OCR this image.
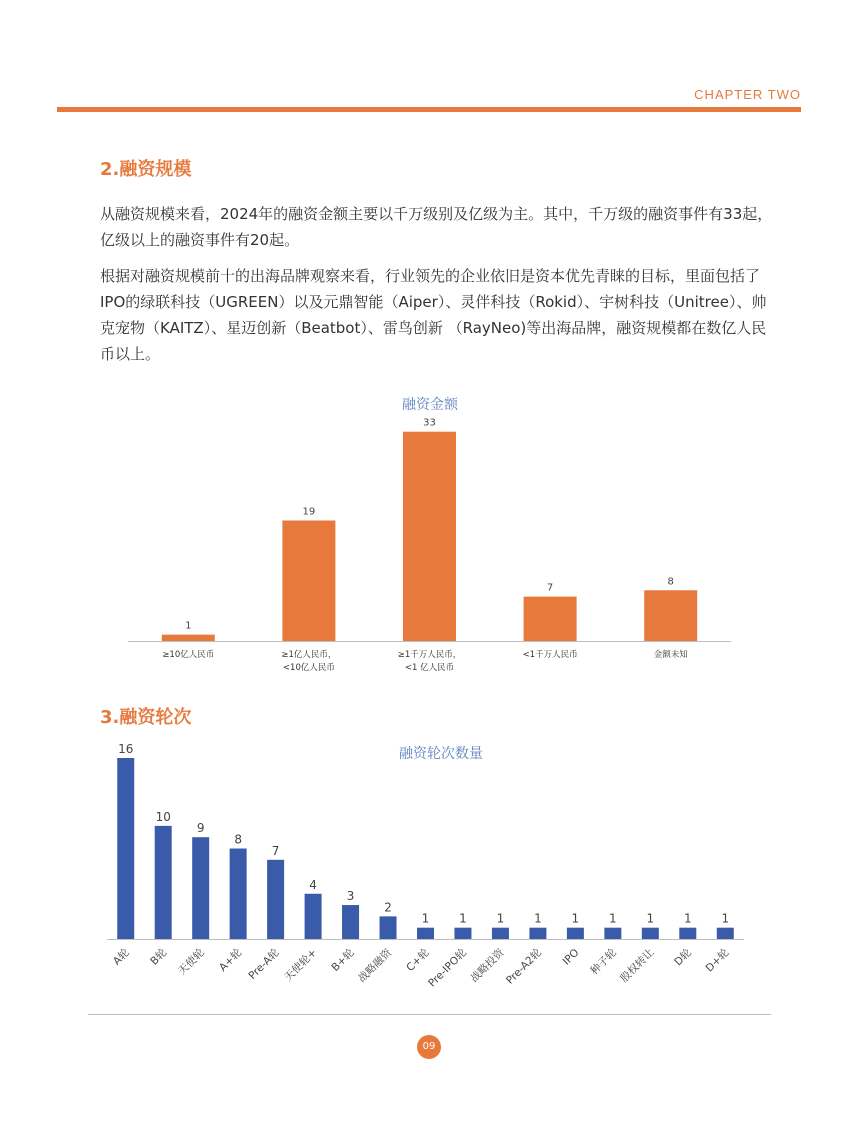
CHAPTER TWO
2.融资规模

从融资规模来看，2024年的融资金额主要以千万级别及亿级为主。其中，千万级的融资事件有33起，亿级以上的融资事件有20起。

根据对融资规模前十的出海品牌观察来看，行业领先的企业依旧是资本优先青睐的目标，里面包括了IPO的绿联科技（UGREEN）以及元鼎智能（Aiper）、灵伴科技（Rokid）、宇树科技（Unitree）、帅克宠物（KAITZ）、星迈创新（Beatbot）、雷鸟创新 （RayNeo)等出海品牌，融资规模都在数亿人民币以上。

融资金额
1
≥10亿人民币
19
≥1亿人民币，<10亿人民币
33
≥1千万人民币，<1 亿人民币
7
<1千万人民币
8
金额未知
3.融资轮次
融资轮次数量
16
A轮
10
B轮
9
天使轮
8
A+轮
7
Pre-A轮
4
天使轮+
3
B+轮
2
战略融资
1
C+轮
1
Pre-IPO轮
1
战略投资
1
Pre-A2轮
1
IPO
1
种子轮
1
股权转让
1
D轮
1
D+轮
09
